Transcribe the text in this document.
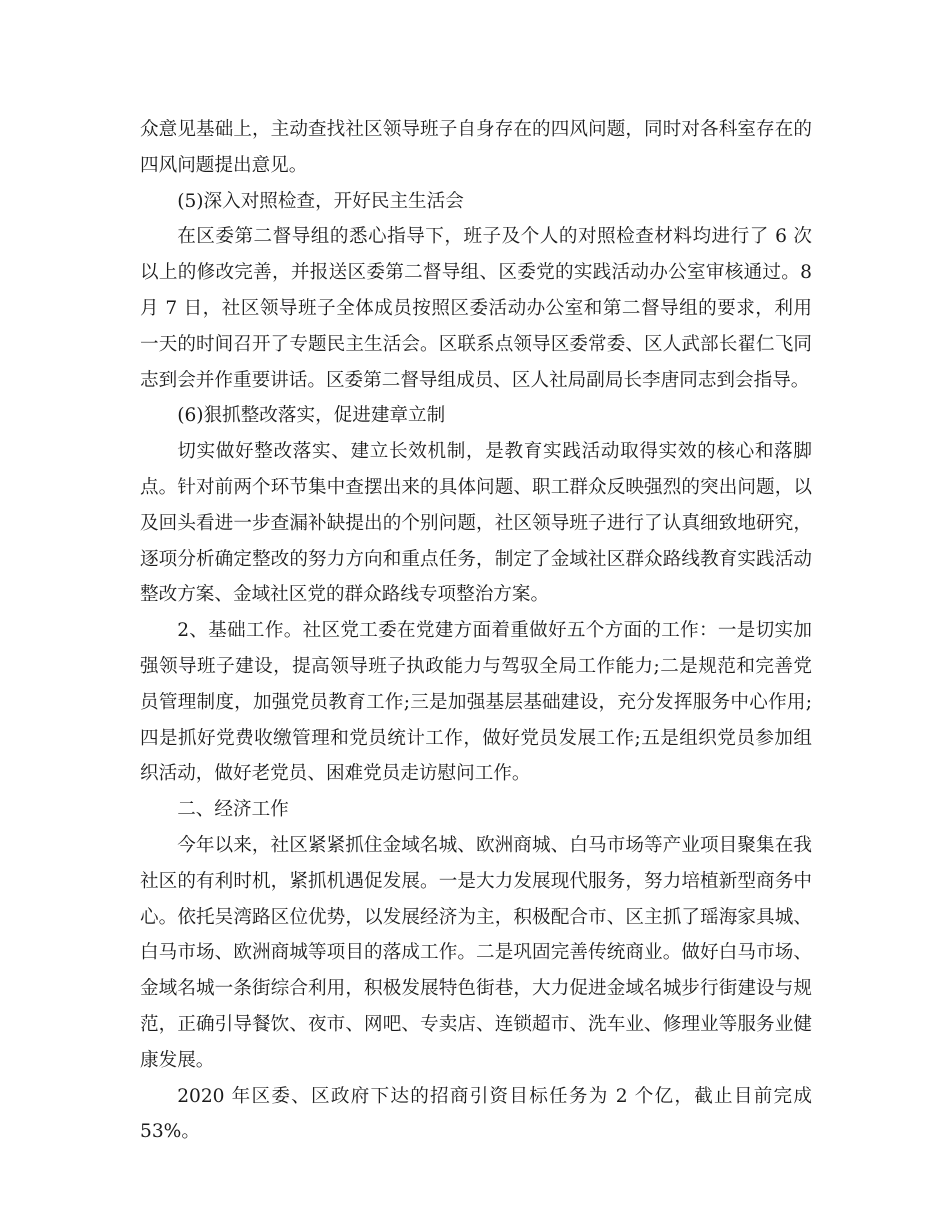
众意见基础上，主动查找社区领导班子自身存在的四风问题，同时对各科室存在的四风问题提出意见。

(5)深入对照检查，开好民主生活会

在区委第二督导组的悉心指导下，班子及个人的对照检查材料均进行了 6 次以上的修改完善，并报送区委第二督导组、区委党的实践活动办公室审核通过。8 月 7 日，社区领导班子全体成员按照区委活动办公室和第二督导组的要求，利用一天的时间召开了专题民主生活会。区联系点领导区委常委、区人武部长翟仁飞同志到会并作重要讲话。区委第二督导组成员、区人社局副局长李唐同志到会指导。

(6)狠抓整改落实，促进建章立制

切实做好整改落实、建立长效机制，是教育实践活动取得实效的核心和落脚点。针对前两个环节集中查摆出来的具体问题、职工群众反映强烈的突出问题，以及回头看进一步查漏补缺提出的个别问题，社区领导班子进行了认真细致地研究，逐项分析确定整改的努力方向和重点任务，制定了金域社区群众路线教育实践活动整改方案、金域社区党的群众路线专项整治方案。

2、基础工作。社区党工委在党建方面着重做好五个方面的工作：一是切实加强领导班子建设，提高领导班子执政能力与驾驭全局工作能力;二是规范和完善党员管理制度，加强党员教育工作;三是加强基层基础建设，充分发挥服务中心作用;四是抓好党费收缴管理和党员统计工作，做好党员发展工作;五是组织党员参加组织活动，做好老党员、困难党员走访慰问工作。

二、经济工作

今年以来，社区紧紧抓住金域名城、欧洲商城、白马市场等产业项目聚集在我社区的有利时机，紧抓机遇促发展。一是大力发展现代服务，努力培植新型商务中心。依托吴湾路区位优势，以发展经济为主，积极配合市、区主抓了瑶海家具城、白马市场、欧洲商城等项目的落成工作。二是巩固完善传统商业。做好白马市场、金域名城一条街综合利用，积极发展特色街巷，大力促进金域名城步行街建设与规范，正确引导餐饮、夜市、网吧、专卖店、连锁超市、洗车业、修理业等服务业健康发展。

2020 年区委、区政府下达的招商引资目标任务为 2 个亿，截止目前完成 53%。
